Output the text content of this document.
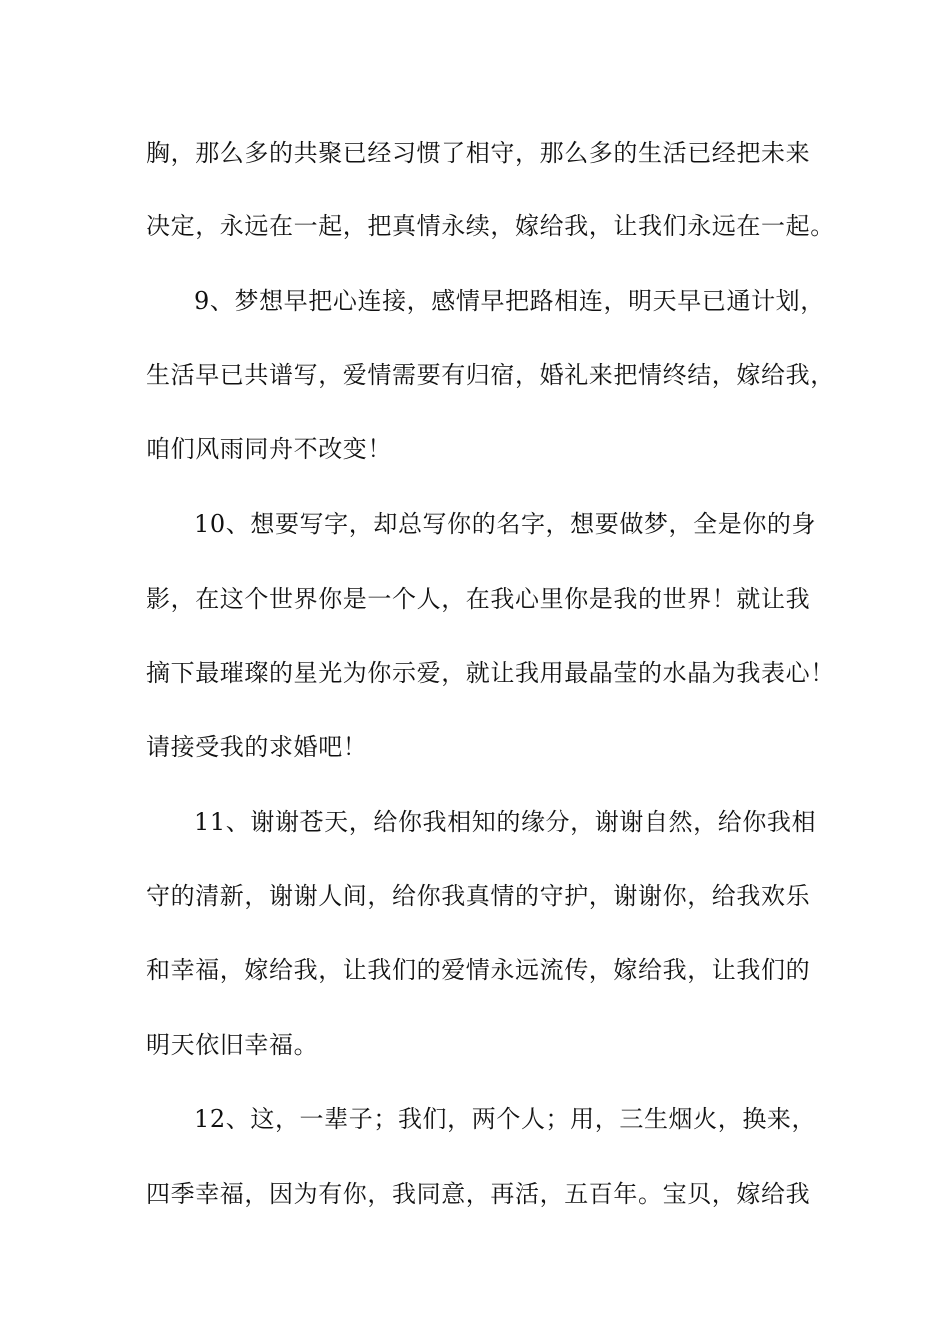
胸，那么多的共聚已经习惯了相守，那么多的生活已经把未来
决定，永远在一起，把真情永续，嫁给我，让我们永远在一起。
9、梦想早把心连接，感情早把路相连，明天早已通计划，
生活早已共谱写，爱情需要有归宿，婚礼来把情终结，嫁给我，
咱们风雨同舟不改变！
10、想要写字，却总写你的名字，想要做梦，全是你的身
影，在这个世界你是一个人，在我心里你是我的世界！就让我
摘下最璀璨的星光为你示爱，就让我用最晶莹的水晶为我表心！
请接受我的求婚吧！
11、谢谢苍天，给你我相知的缘分，谢谢自然，给你我相
守的清新，谢谢人间，给你我真情的守护，谢谢你，给我欢乐
和幸福，嫁给我，让我们的爱情永远流传，嫁给我，让我们的
明天依旧幸福。
12、这，一辈子；我们，两个人；用，三生烟火，换来，
四季幸福，因为有你，我同意，再活，五百年。宝贝，嫁给我
